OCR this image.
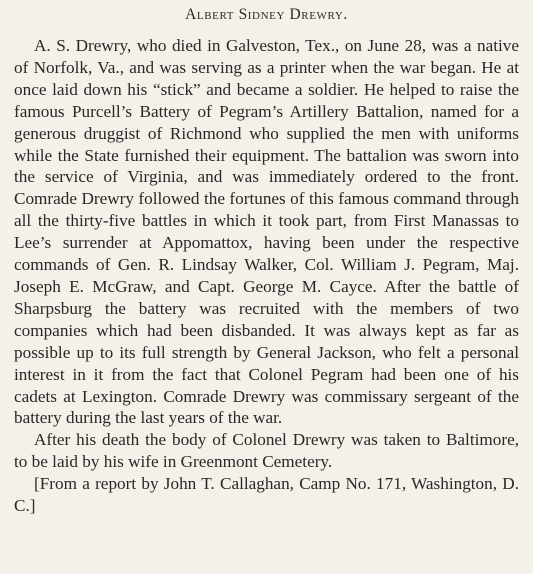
Albert Sidney Drewry.

A. S. Drewry, who died in Galveston, Tex., on June 28, was a native of Norfolk, Va., and was serving as a printer when the war began. He at once laid down his “stick” and became a soldier. He helped to raise the famous Purcell’s Battery of Pegram’s Artillery Battalion, named for a generous druggist of Richmond who supplied the men with uniforms while the State furnished their equipment. The battalion was sworn into the service of Virginia, and was immediately ordered to the front. Comrade Drewry followed the fortunes of this famous command through all the thirty-five battles in which it took part, from First Manassas to Lee’s surrender at Appomattox, having been under the respective commands of Gen. R. Lindsay Walker, Col. William J. Pegram, Maj. Joseph E. McGraw, and Capt. George M. Cayce. After the battle of Sharpsburg the battery was recruited with the members of two companies which had been disbanded. It was always kept as far as possible up to its full strength by General Jackson, who felt a personal interest in it from the fact that Colonel Pegram had been one of his cadets at Lexington. Comrade Drewry was commissary sergeant of the battery during the last years of the war.

After his death the body of Colonel Drewry was taken to Baltimore, to be laid by his wife in Greenmont Cemetery.

[From a report by John T. Callaghan, Camp No. 171, Washington, D. C.]
